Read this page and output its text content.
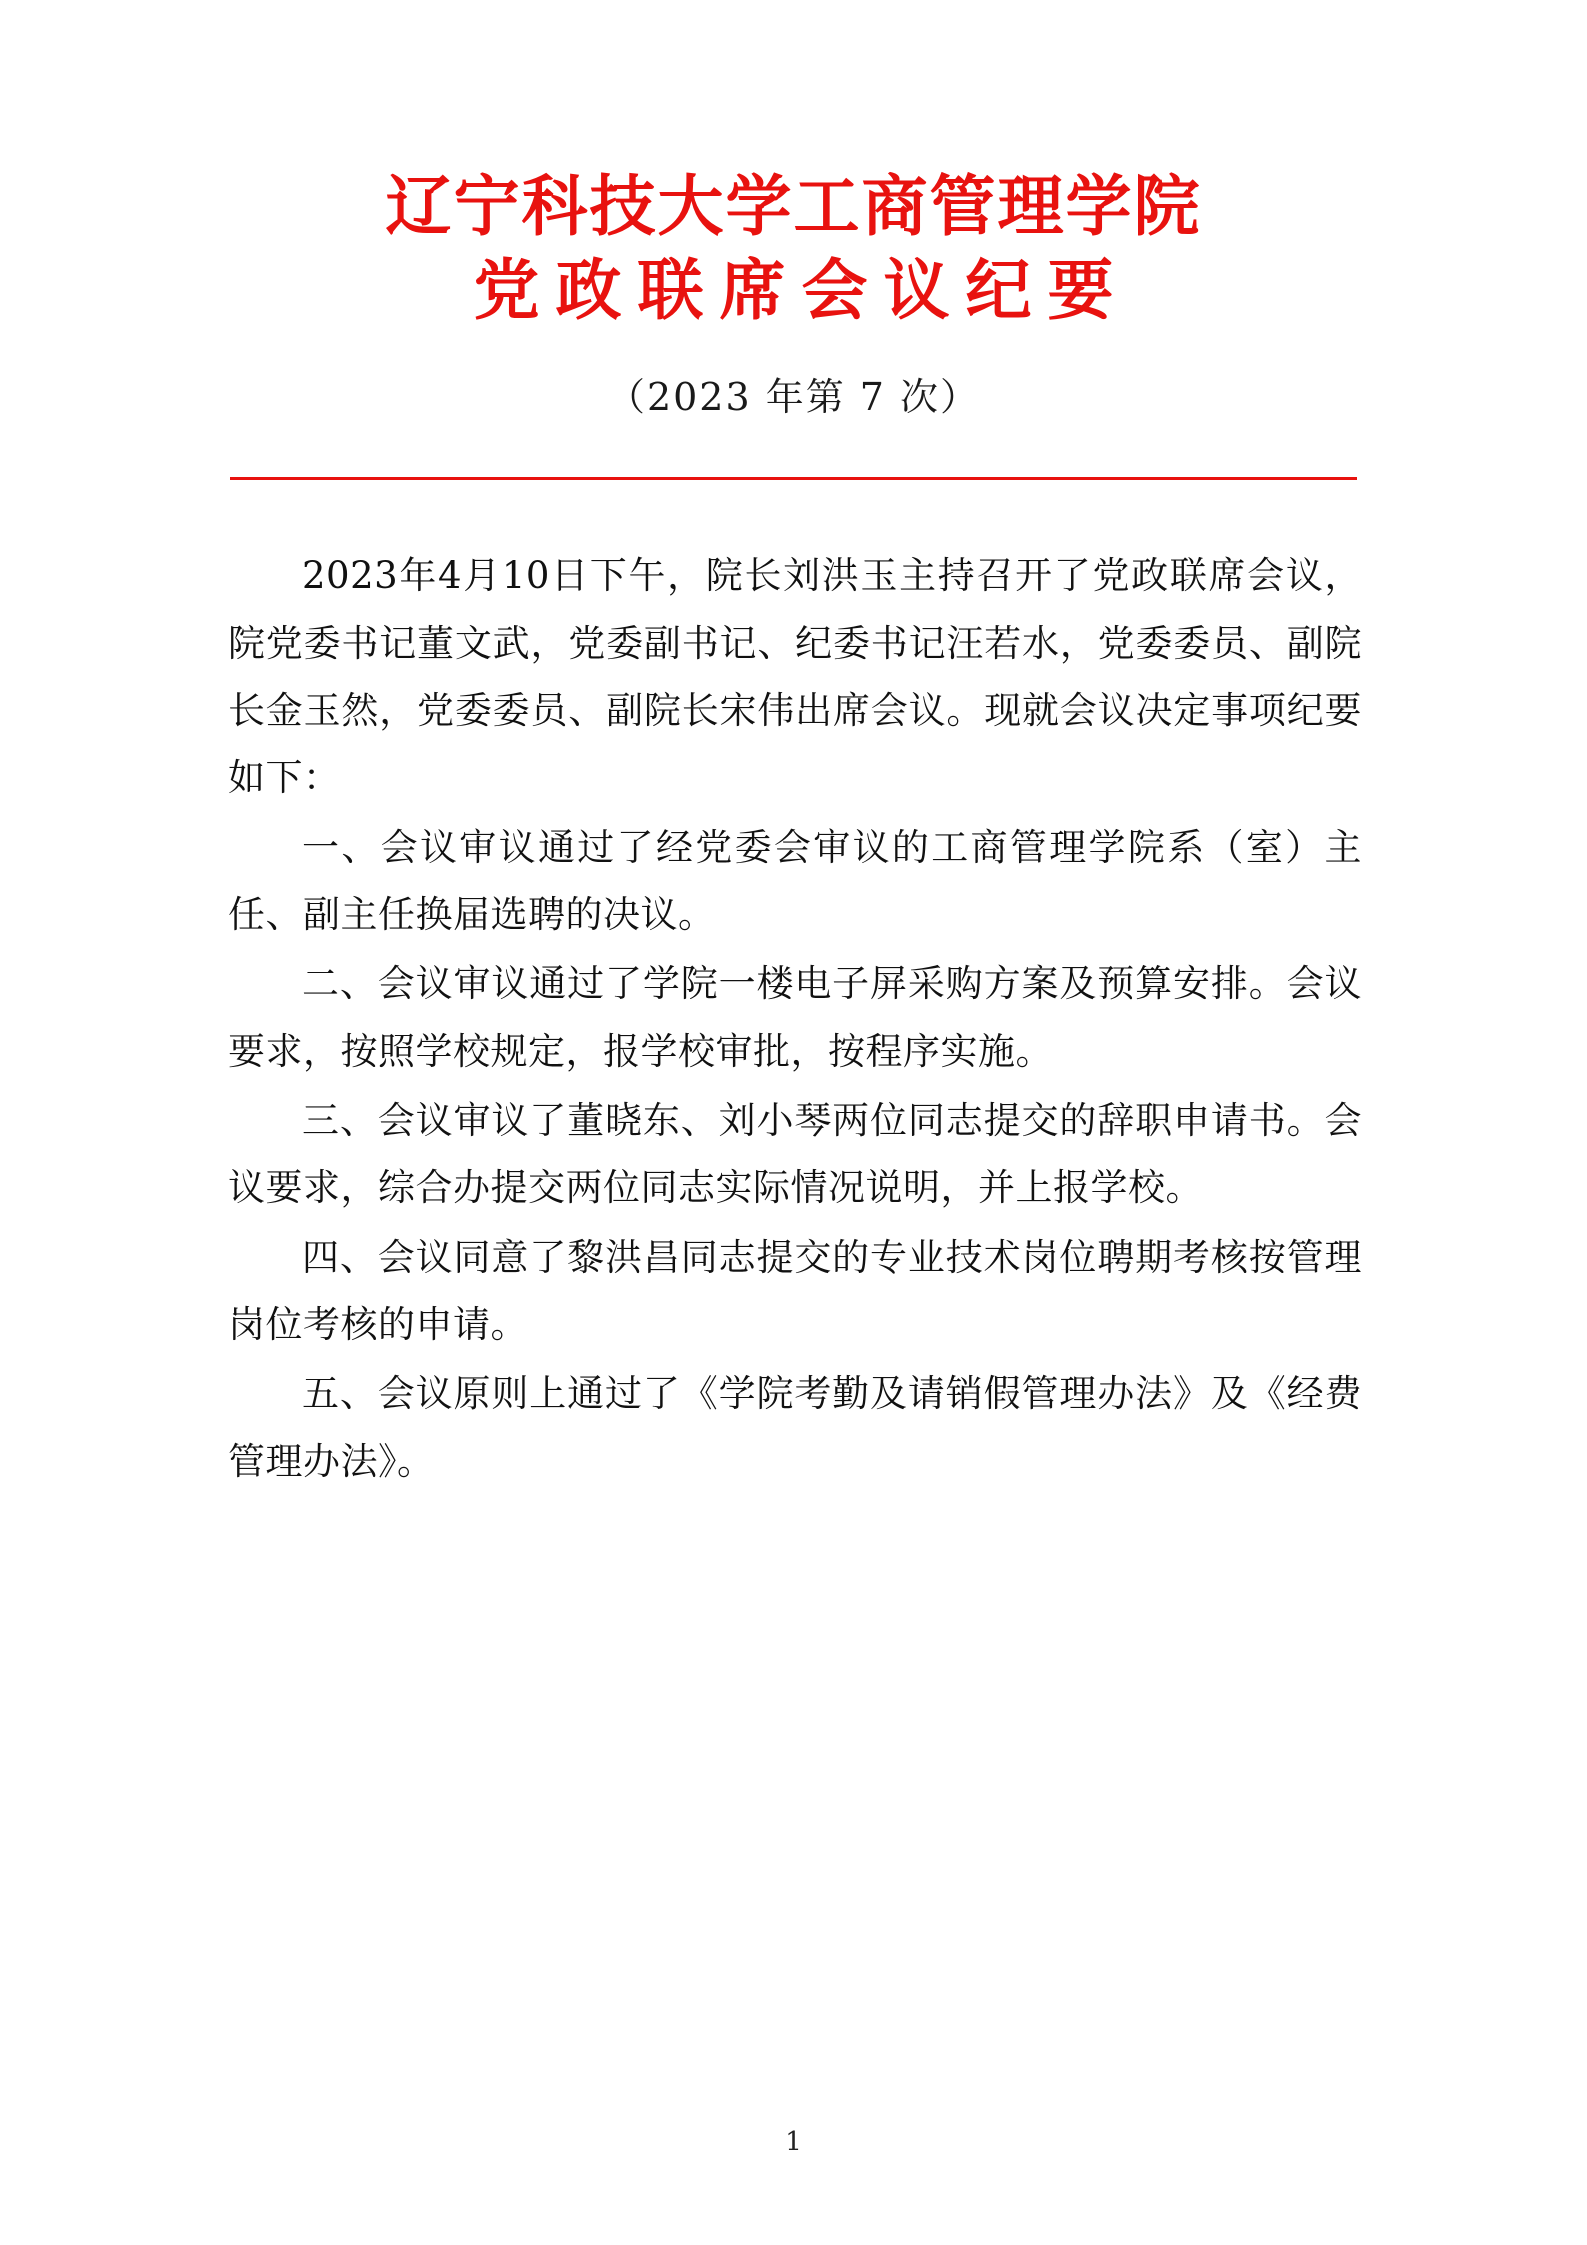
辽宁科技大学工商管理学院
党政联席会议纪要
（2023 年第 7 次）

2023年4月10日下午，院长刘洪玉主持召开了党政联席会议，院党委书记董文武，党委副书记、纪委书记汪若水，党委委员、副院长金玉然，党委委员、副院长宋伟出席会议。现就会议决定事项纪要如下：

一、会议审议通过了经党委会审议的工商管理学院系（室）主任、副主任换届选聘的决议。

二、会议审议通过了学院一楼电子屏采购方案及预算安排。会议要求，按照学校规定，报学校审批，按程序实施。

三、会议审议了董晓东、刘小琴两位同志提交的辞职申请书。会议要求，综合办提交两位同志实际情况说明，并上报学校。

四、会议同意了黎洪昌同志提交的专业技术岗位聘期考核按管理岗位考核的申请。

五、会议原则上通过了《学院考勤及请销假管理办法》及《经费管理办法》。

1
